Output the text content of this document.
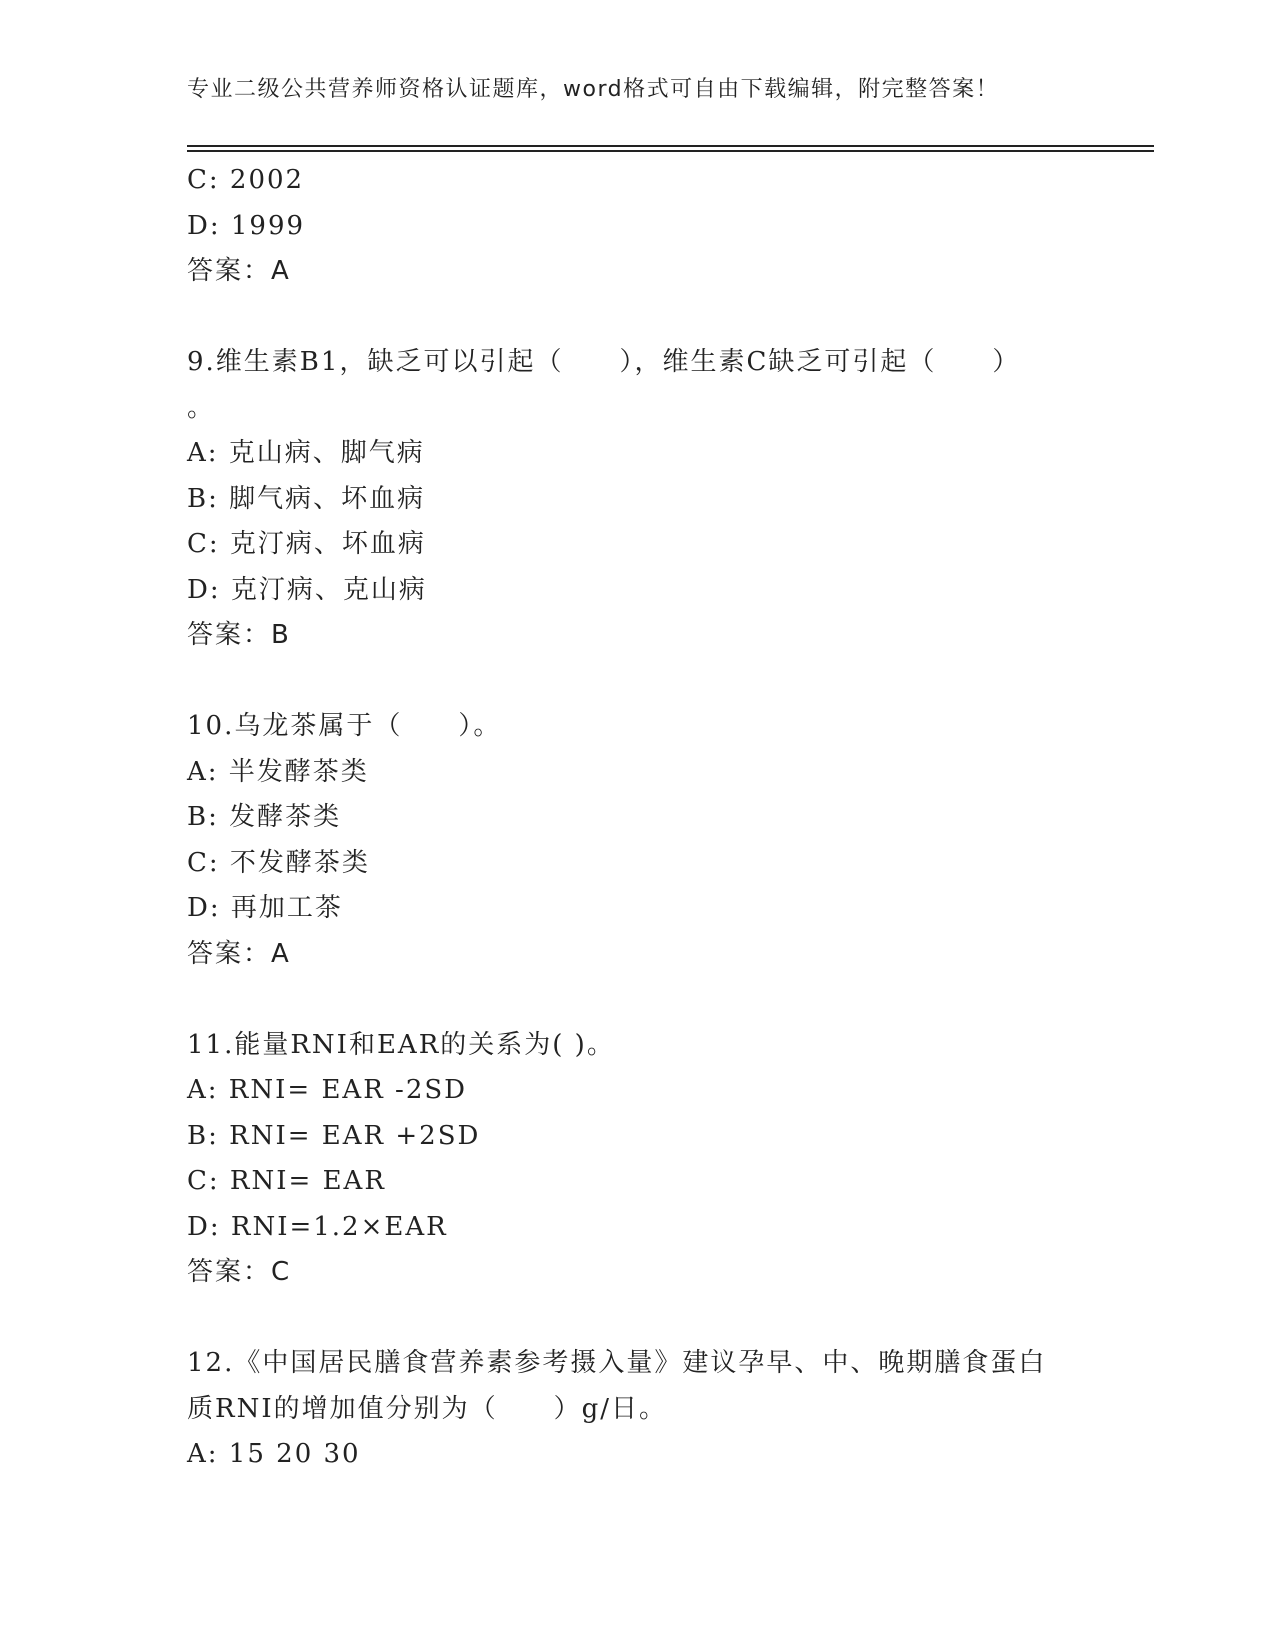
专业二级公共营养师资格认证题库，word格式可自由下载编辑，附完整答案！
C: 2002
D: 1999
答案：A
9.维生素B1，缺乏可以引起（　　），维生素C缺乏可引起（　　）
。
A: 克山病、脚气病
B: 脚气病、坏血病
C: 克汀病、坏血病
D: 克汀病、克山病
答案：B
10.乌龙茶属于（　　）。
A: 半发酵茶类
B: 发酵茶类
C: 不发酵茶类
D: 再加工茶
答案：A
11.能量RNI和EAR的关系为( )。
A: RNI= EAR -2SD
B: RNI= EAR +2SD
C: RNI= EAR
D: RNI=1.2×EAR
答案：C
12.《中国居民膳食营养素参考摄入量》建议孕早、中、晚期膳食蛋白
质RNI的增加值分别为（　　）g/日。
A: 15 20 30
